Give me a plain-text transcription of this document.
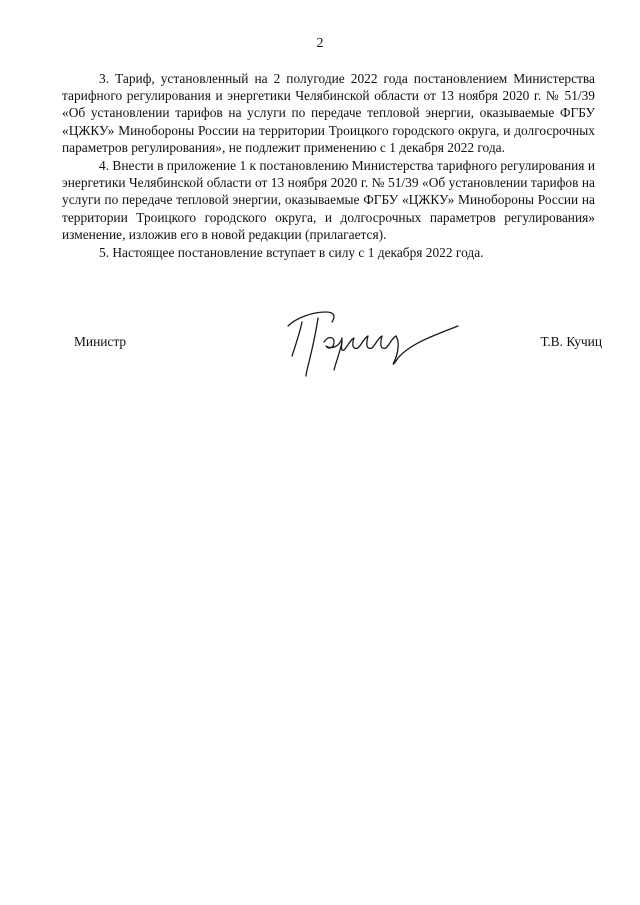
2

3. Тариф, установленный на 2 полугодие 2022 года постановлением Министерства тарифного регулирования и энергетики Челябинской области от 13 ноября 2020 г. № 51/39 «Об установлении тарифов на услуги по передаче тепловой энергии, оказываемые ФГБУ «ЦЖКУ» Минобороны России на территории Троицкого городского округа, и долгосрочных параметров регулирования», не подлежит применению с 1 декабря 2022 года.

4. Внести в приложение 1 к постановлению Министерства тарифного регулирования и энергетики Челябинской области от 13 ноября 2020 г. № 51/39 «Об установлении тарифов на услуги по передаче тепловой энергии, оказываемые ФГБУ «ЦЖКУ» Минобороны России на территории Троицкого городского округа, и долгосрочных параметров регулирования» изменение, изложив его в новой редакции (прилагается).

5. Настоящее постановление вступает в силу с 1 декабря 2022 года.

Министр	Т.В. Кучиц
